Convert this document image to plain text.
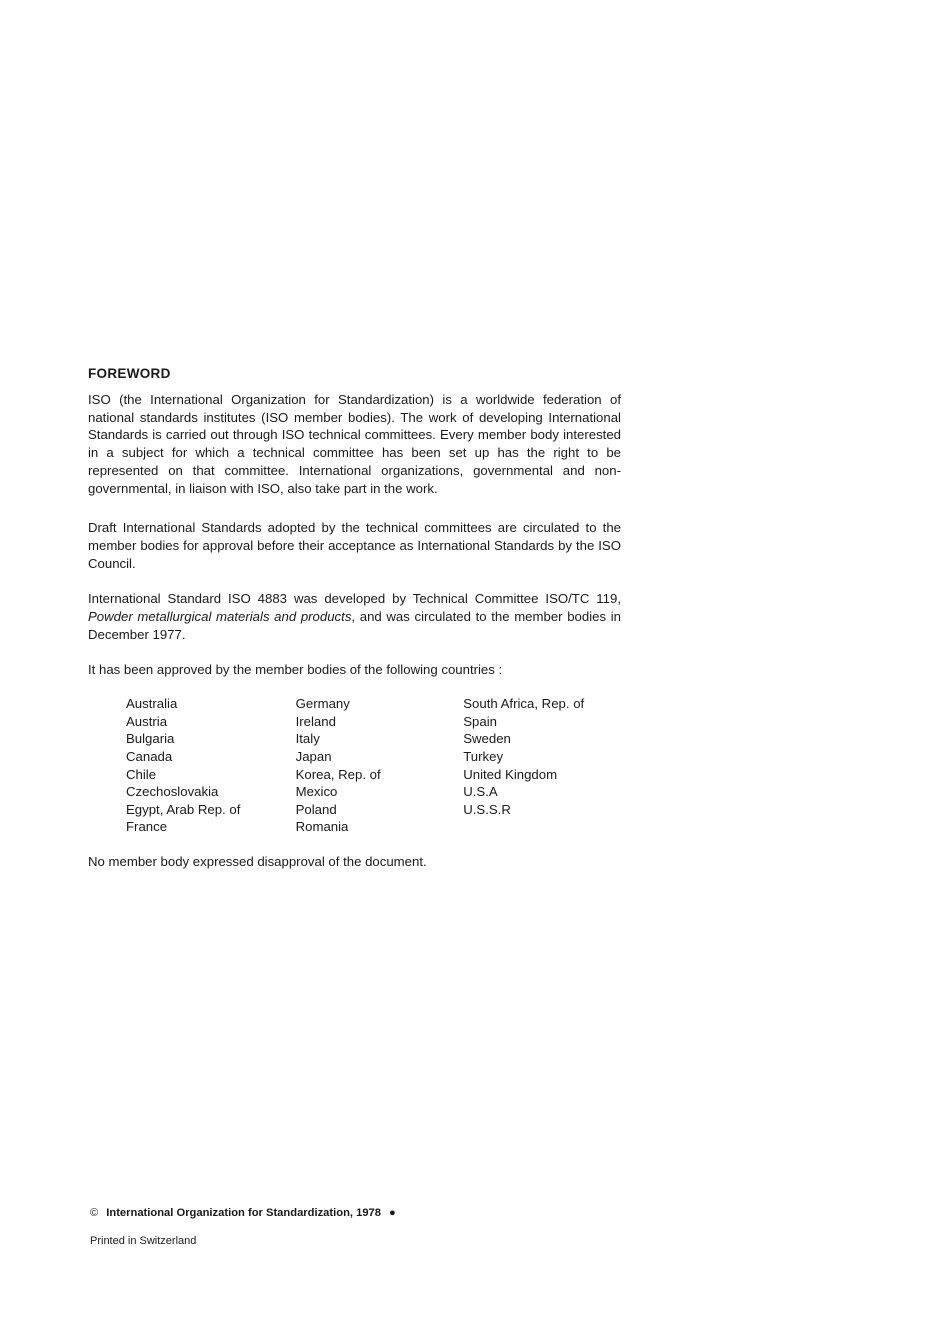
FOREWORD

ISO (the International Organization for Standardization) is a worldwide federation of national standards institutes (ISO member bodies). The work of developing International Standards is carried out through ISO technical committees. Every member body interested in a subject for which a technical committee has been set up has the right to be represented on that committee. International organizations, governmental and non-governmental, in liaison with ISO, also take part in the work.

Draft International Standards adopted by the technical committees are circulated to the member bodies for approval before their acceptance as International Standards by the ISO Council.

International Standard ISO 4883 was developed by Technical Committee ISO/TC 119, Powder metallurgical materials and products, and was circulated to the member bodies in December 1977.

It has been approved by the member bodies of the following countries :

Australia
Austria
Bulgaria
Canada
Chile
Czechoslovakia
Egypt, Arab Rep. of
France
Germany
Ireland
Italy
Japan
Korea, Rep. of
Mexico
Poland
Romania
South Africa, Rep. of
Spain
Sweden
Turkey
United Kingdom
U.S.A
U.S.S.R

No member body expressed disapproval of the document.

© International Organization for Standardization, 1978 ●
Printed in Switzerland
